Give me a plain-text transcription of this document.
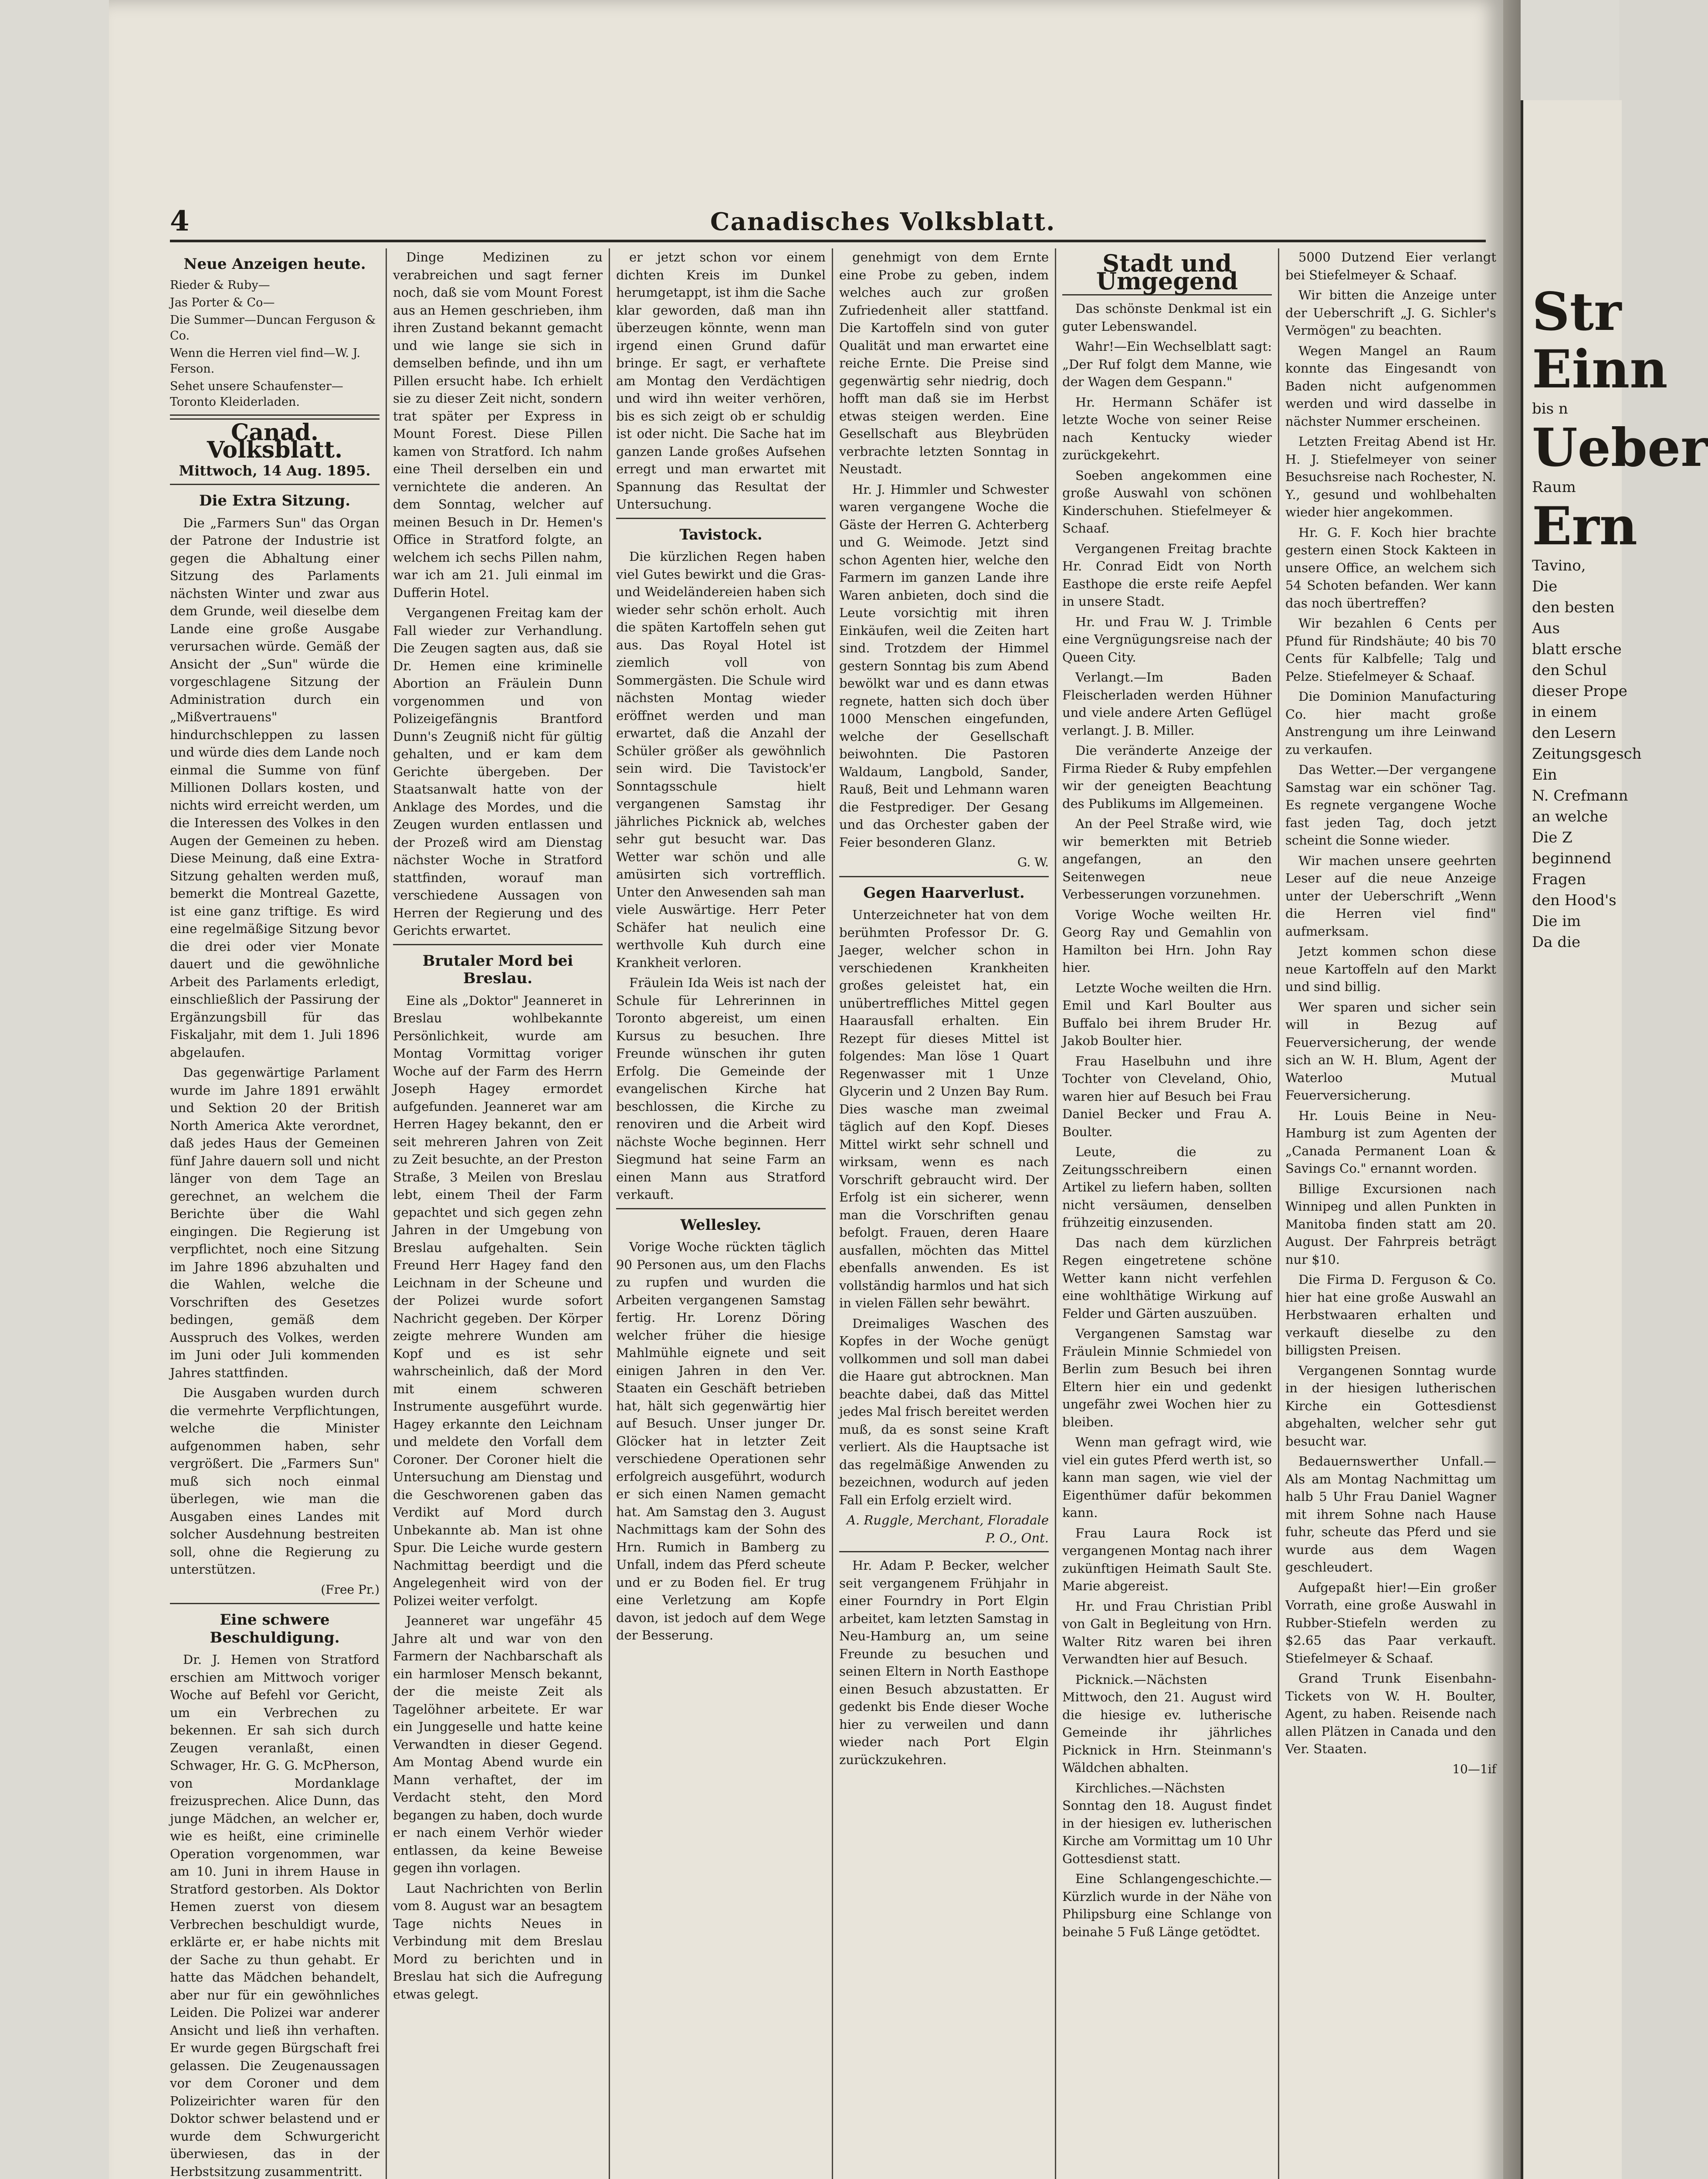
Str
Einn
bis n
Ueber
Raum
Ern
Tavino,
Die
den besten
Aus
blatt ersche
den Schul
dieser Prope
in einem
den Lesern
Zeitungsgesch
Ein
N. Crefmann
an welche
Die Z
beginnend
Fragen
den Hood's
Die im
Da die
4	Canadisches Volksblatt.
Neue Anzeigen heute.
Rieder & Ruby—
Jas Porter & Co—
Die Summer—Duncan Ferguson & Co.
Wenn die Herren viel find—W. J. Ferson.
Sehet unsere Schaufenster—Toronto Kleiderladen.
Canad. Volksblatt.
Mittwoch, 14 Aug. 1895.
Die Extra Sitzung.

Die „Farmers Sun" das Organ der Patrone der Industrie ist gegen die Abhaltung einer Sitzung des Parlaments nächsten Winter und zwar aus dem Grunde, weil dieselbe dem Lande eine große Ausgabe verursachen würde. Gemäß der Ansicht der „Sun" würde die vorgeschlagene Sitzung der Administration durch ein „Mißvertrauens" hindurchschleppen zu lassen und würde dies dem Lande noch einmal die Summe von fünf Millionen Dollars kosten, und nichts wird erreicht werden, um die Interessen des Volkes in den Augen der Gemeinen zu heben. Diese Meinung, daß eine Extra-Sitzung gehalten werden muß, bemerkt die Montreal Gazette, ist eine ganz triftige. Es wird eine regelmäßige Sitzung bevor die drei oder vier Monate dauert und die gewöhnliche Arbeit des Parlaments erledigt, einschließlich der Passirung der Ergänzungsbill für das Fiskaljahr, mit dem 1. Juli 1896 abgelaufen.

Das gegenwärtige Parlament wurde im Jahre 1891 erwählt und Sektion 20 der British North America Akte verordnet, daß jedes Haus der Gemeinen fünf Jahre dauern soll und nicht länger von dem Tage an gerechnet, an welchem die Berichte über die Wahl eingingen. Die Regierung ist verpflichtet, noch eine Sitzung im Jahre 1896 abzuhalten und die Wahlen, welche die Vorschriften des Gesetzes bedingen, gemäß dem Ausspruch des Volkes, werden im Juni oder Juli kommenden Jahres stattfinden.

Die Ausgaben wurden durch die vermehrte Verpflichtungen, welche die Minister aufgenommen haben, sehr vergrößert. Die „Farmers Sun" muß sich noch einmal überlegen, wie man die Ausgaben eines Landes mit solcher Ausdehnung bestreiten soll, ohne die Regierung zu unterstützen.

(Free Pr.)
Eine schwere Beschuldigung.

Dr. J. Hemen von Stratford erschien am Mittwoch voriger Woche auf Befehl vor Gericht, um ein Verbrechen zu bekennen. Er sah sich durch Zeugen veranlaßt, einen Schwager, Hr. G. G. McPherson, von Mordanklage freizusprechen. Alice Dunn, das junge Mädchen, an welcher er, wie es heißt, eine criminelle Operation vorgenommen, war am 10. Juni in ihrem Hause in Stratford gestorben. Als Doktor Hemen zuerst von diesem Verbrechen beschuldigt wurde, erklärte er, er habe nichts mit der Sache zu thun gehabt. Er hatte das Mädchen behandelt, aber nur für ein gewöhnliches Leiden. Die Polizei war anderer Ansicht und ließ ihn verhaften. Er wurde gegen Bürgschaft frei gelassen. Die Zeugenaussagen vor dem Coroner und dem Polizeirichter waren für den Doktor schwer belastend und er wurde dem Schwurgericht überwiesen, das in der Herbstsitzung zusammentritt.

Dinge Medizinen zu verabreichen und sagt ferner noch, daß sie vom Mount Forest aus an Hemen geschrieben, ihm ihren Zustand bekannt gemacht und wie lange sie sich in demselben befinde, und ihn um Pillen ersucht habe. Ich erhielt sie zu dieser Zeit nicht, sondern trat später per Express in Mount Forest. Diese Pillen kamen von Stratford. Ich nahm eine Theil derselben ein und vernichtete die anderen. An dem Sonntag, welcher auf meinen Besuch in Dr. Hemen's Office in Stratford folgte, an welchem ich sechs Pillen nahm, war ich am 21. Juli einmal im Dufferin Hotel.

Vergangenen Freitag kam der Fall wieder zur Verhandlung. Die Zeugen sagten aus, daß sie Dr. Hemen eine kriminelle Abortion an Fräulein Dunn vorgenommen und von Polizeigefängnis Brantford Dunn's Zeugniß nicht für gültig gehalten, und er kam dem Gerichte übergeben. Der Staatsanwalt hatte von der Anklage des Mordes, und die Zeugen wurden entlassen und der Prozeß wird am Dienstag nächster Woche in Stratford stattfinden, worauf man verschiedene Aussagen von Herren der Regierung und des Gerichts erwartet.

Brutaler Mord bei Breslau.

Eine als „Doktor" Jeanneret in Breslau wohlbekannte Persönlichkeit, wurde am Montag Vormittag voriger Woche auf der Farm des Herrn Joseph Hagey ermordet aufgefunden. Jeanneret war am Herren Hagey bekannt, den er seit mehreren Jahren von Zeit zu Zeit besuchte, an der Preston Straße, 3 Meilen von Breslau lebt, einem Theil der Farm gepachtet und sich gegen zehn Jahren in der Umgebung von Breslau aufgehalten. Sein Freund Herr Hagey fand den Leichnam in der Scheune und der Polizei wurde sofort Nachricht gegeben. Der Körper zeigte mehrere Wunden am Kopf und es ist sehr wahrscheinlich, daß der Mord mit einem schweren Instrumente ausgeführt wurde. Hagey erkannte den Leichnam und meldete den Vorfall dem Coroner. Der Coroner hielt die Untersuchung am Dienstag und die Geschworenen gaben das Verdikt auf Mord durch Unbekannte ab. Man ist ohne Spur. Die Leiche wurde gestern Nachmittag beerdigt und die Angelegenheit wird von der Polizei weiter verfolgt.

Jeanneret war ungefähr 45 Jahre alt und war von den Farmern der Nachbarschaft als ein harmloser Mensch bekannt, der die meiste Zeit als Tagelöhner arbeitete. Er war ein Junggeselle und hatte keine Verwandten in dieser Gegend. Am Montag Abend wurde ein Mann verhaftet, der im Verdacht steht, den Mord begangen zu haben, doch wurde er nach einem Verhör wieder entlassen, da keine Beweise gegen ihn vorlagen.

Laut Nachrichten von Berlin vom 8. August war an besagtem Tage nichts Neues in Verbindung mit dem Breslau Mord zu berichten und in Breslau hat sich die Aufregung etwas gelegt.

er jetzt schon vor einem dichten Kreis im Dunkel herumgetappt, ist ihm die Sache klar geworden, daß man ihn überzeugen könnte, wenn man irgend einen Grund dafür bringe. Er sagt, er verhaftete am Montag den Verdächtigen und wird ihn weiter verhören, bis es sich zeigt ob er schuldig ist oder nicht. Die Sache hat im ganzen Lande großes Aufsehen erregt und man erwartet mit Spannung das Resultat der Untersuchung.

Tavistock.

Die kürzlichen Regen haben viel Gutes bewirkt und die Gras- und Weideländereien haben sich wieder sehr schön erholt. Auch die späten Kartoffeln sehen gut aus. Das Royal Hotel ist ziemlich voll von Sommergästen. Die Schule wird nächsten Montag wieder eröffnet werden und man erwartet, daß die Anzahl der Schüler größer als gewöhnlich sein wird. Die Tavistock'er Sonntagsschule hielt vergangenen Samstag ihr jährliches Picknick ab, welches sehr gut besucht war. Das Wetter war schön und alle amüsirten sich vortrefflich. Unter den Anwesenden sah man viele Auswärtige. Herr Peter Schäfer hat neulich eine werthvolle Kuh durch eine Krankheit verloren.

Fräulein Ida Weis ist nach der Schule für Lehrerinnen in Toronto abgereist, um einen Kursus zu besuchen. Ihre Freunde wünschen ihr guten Erfolg. Die Gemeinde der evangelischen Kirche hat beschlossen, die Kirche zu renoviren und die Arbeit wird nächste Woche beginnen. Herr Siegmund hat seine Farm an einen Mann aus Stratford verkauft.

Wellesley.

Vorige Woche rückten täglich 90 Personen aus, um den Flachs zu rupfen und wurden die Arbeiten vergangenen Samstag fertig. Hr. Lorenz Döring welcher früher die hiesige Mahlmühle eignete und seit einigen Jahren in den Ver. Staaten ein Geschäft betrieben hat, hält sich gegenwärtig hier auf Besuch. Unser junger Dr. Glöcker hat in letzter Zeit verschiedene Operationen sehr erfolgreich ausgeführt, wodurch er sich einen Namen gemacht hat. Am Samstag den 3. August Nachmittags kam der Sohn des Hrn. Rumich in Bamberg zu Unfall, indem das Pferd scheute und er zu Boden fiel. Er trug eine Verletzung am Kopfe davon, ist jedoch auf dem Wege der Besserung.

genehmigt von dem Ernte eine Probe zu geben, indem welches auch zur großen Zufriedenheit aller stattfand. Die Kartoffeln sind von guter Qualität und man erwartet eine reiche Ernte. Die Preise sind gegenwärtig sehr niedrig, doch hofft man daß sie im Herbst etwas steigen werden. Eine Gesellschaft aus Bleybrüden verbrachte letzten Sonntag in Neustadt.

Hr. J. Himmler und Schwester waren vergangene Woche die Gäste der Herren G. Achterberg und G. Weimode. Jetzt sind schon Agenten hier, welche den Farmern im ganzen Lande ihre Waren anbieten, doch sind die Leute vorsichtig mit ihren Einkäufen, weil die Zeiten hart sind. Trotzdem der Himmel gestern Sonntag bis zum Abend bewölkt war und es dann etwas regnete, hatten sich doch über 1000 Menschen eingefunden, welche der Gesellschaft beiwohnten. Die Pastoren Waldaum, Langbold, Sander, Rauß, Beit und Lehmann waren die Festprediger. Der Gesang und das Orchester gaben der Feier besonderen Glanz.

G. W.
Gegen Haarverlust.

Unterzeichneter hat von dem berühmten Professor Dr. G. Jaeger, welcher schon in verschiedenen Krankheiten großes geleistet hat, ein unübertreffliches Mittel gegen Haarausfall erhalten. Ein Rezept für dieses Mittel ist folgendes: Man löse 1 Quart Regenwasser mit 1 Unze Glycerin und 2 Unzen Bay Rum. Dies wasche man zweimal täglich auf den Kopf. Dieses Mittel wirkt sehr schnell und wirksam, wenn es nach Vorschrift gebraucht wird. Der Erfolg ist ein sicherer, wenn man die Vorschriften genau befolgt. Frauen, deren Haare ausfallen, möchten das Mittel ebenfalls anwenden. Es ist vollständig harmlos und hat sich in vielen Fällen sehr bewährt.

Dreimaliges Waschen des Kopfes in der Woche genügt vollkommen und soll man dabei die Haare gut abtrocknen. Man beachte dabei, daß das Mittel jedes Mal frisch bereitet werden muß, da es sonst seine Kraft verliert. Als die Hauptsache ist das regelmäßige Anwenden zu bezeichnen, wodurch auf jeden Fall ein Erfolg erzielt wird.

A. Ruggle, Merchant, Floradale P. O., Ont.

Hr. Adam P. Becker, welcher seit vergangenem Frühjahr in einer Fourndry in Port Elgin arbeitet, kam letzten Samstag in Neu-Hamburg an, um seine Freunde zu besuchen und seinen Eltern in North Easthope einen Besuch abzustatten. Er gedenkt bis Ende dieser Woche hier zu verweilen und dann wieder nach Port Elgin zurückzukehren.

Stadt und Umgegend

Das schönste Denkmal ist ein guter Lebenswandel.

Wahr!—Ein Wechselblatt sagt: „Der Ruf folgt dem Manne, wie der Wagen dem Gespann."

Hr. Hermann Schäfer ist letzte Woche von seiner Reise nach Kentucky wieder zurückgekehrt.

Soeben angekommen eine große Auswahl von schönen Kinderschuhen. Stiefelmeyer & Schaaf.

Vergangenen Freitag brachte Hr. Conrad Eidt von North Easthope die erste reife Aepfel in unsere Stadt.

Hr. und Frau W. J. Trimble eine Vergnügungsreise nach der Queen City.

Verlangt.—Im Baden Fleischerladen werden Hühner und viele andere Arten Geflügel verlangt. J. B. Miller.

Die veränderte Anzeige der Firma Rieder & Ruby empfehlen wir der geneigten Beachtung des Publikums im Allgemeinen.

An der Peel Straße wird, wie wir bemerkten mit Betrieb angefangen, an den Seitenwegen neue Verbesserungen vorzunehmen.

Vorige Woche weilten Hr. Georg Ray und Gemahlin von Hamilton bei Hrn. John Ray hier.

Letzte Woche weilten die Hrn. Emil und Karl Boulter aus Buffalo bei ihrem Bruder Hr. Jakob Boulter hier.

Frau Haselbuhn und ihre Tochter von Cleveland, Ohio, waren hier auf Besuch bei Frau Daniel Becker und Frau A. Boulter.

Leute, die zu Zeitungsschreibern einen Artikel zu liefern haben, sollten nicht versäumen, denselben frühzeitig einzusenden.

Das nach dem kürzlichen Regen eingetretene schöne Wetter kann nicht verfehlen eine wohlthätige Wirkung auf Felder und Gärten auszuüben.

Vergangenen Samstag war Fräulein Minnie Schmiedel von Berlin zum Besuch bei ihren Eltern hier ein und gedenkt ungefähr zwei Wochen hier zu bleiben.

Wenn man gefragt wird, wie viel ein gutes Pferd werth ist, so kann man sagen, wie viel der Eigenthümer dafür bekommen kann.

Frau Laura Rock ist vergangenen Montag nach ihrer zukünftigen Heimath Sault Ste. Marie abgereist.

Hr. und Frau Christian Pribl von Galt in Begleitung von Hrn. Walter Ritz waren bei ihren Verwandten hier auf Besuch.

Picknick.—Nächsten Mittwoch, den 21. August wird die hiesige ev. lutherische Gemeinde ihr jährliches Picknick in Hrn. Steinmann's Wäldchen abhalten.

Kirchliches.—Nächsten Sonntag den 18. August findet in der hiesigen ev. lutherischen Kirche am Vormittag um 10 Uhr Gottesdienst statt.

Eine Schlangengeschichte.—Kürzlich wurde in der Nähe von Philipsburg eine Schlange von beinahe 5 Fuß Länge getödtet.

5000 Dutzend Eier verlangt bei Stiefelmeyer & Schaaf.

Wir bitten die Anzeige unter der Ueberschrift „J. G. Sichler's Vermögen" zu beachten.

Wegen Mangel an Raum konnte das Eingesandt von Baden nicht aufgenommen werden und wird dasselbe in nächster Nummer erscheinen.

Letzten Freitag Abend ist Hr. H. J. Stiefelmeyer von seiner Besuchsreise nach Rochester, N. Y., gesund und wohlbehalten wieder hier angekommen.

Hr. G. F. Koch hier brachte gestern einen Stock Kakteen in unsere Office, an welchem sich 54 Schoten befanden. Wer kann das noch übertreffen?

Wir bezahlen 6 Cents per Pfund für Rindshäute; 40 bis 70 Cents für Kalbfelle; Talg und Pelze. Stiefelmeyer & Schaaf.

Die Dominion Manufacturing Co. hier macht große Anstrengung um ihre Leinwand zu verkaufen.

Das Wetter.—Der vergangene Samstag war ein schöner Tag. Es regnete vergangene Woche fast jeden Tag, doch jetzt scheint die Sonne wieder.

Wir machen unsere geehrten Leser auf die neue Anzeige unter der Ueberschrift „Wenn die Herren viel find" aufmerksam.

Jetzt kommen schon diese neue Kartoffeln auf den Markt und sind billig.

Wer sparen und sicher sein will in Bezug auf Feuerversicherung, der wende sich an W. H. Blum, Agent der Waterloo Mutual Feuerversicherung.

Hr. Louis Beine in Neu-Hamburg ist zum Agenten der „Canada Permanent Loan & Savings Co." ernannt worden.

Billige Excursionen nach Winnipeg und allen Punkten in Manitoba finden statt am 20. August. Der Fahrpreis beträgt nur $10.

Die Firma D. Ferguson & Co. hier hat eine große Auswahl an Herbstwaaren erhalten und verkauft dieselbe zu den billigsten Preisen.

Vergangenen Sonntag wurde in der hiesigen lutherischen Kirche ein Gottesdienst abgehalten, welcher sehr gut besucht war.

Bedauernswerther Unfall.—Als am Montag Nachmittag um halb 5 Uhr Frau Daniel Wagner mit ihrem Sohne nach Hause fuhr, scheute das Pferd und sie wurde aus dem Wagen geschleudert.

Aufgepaßt hier!—Ein großer Vorrath, eine große Auswahl in Rubber-Stiefeln werden zu $2.65 das Paar verkauft. Stiefelmeyer & Schaaf.

Grand Trunk Eisenbahn-Tickets von W. H. Boulter, Agent, zu haben. Reisende nach allen Plätzen in Canada und den Ver. Staaten.

10—1if
